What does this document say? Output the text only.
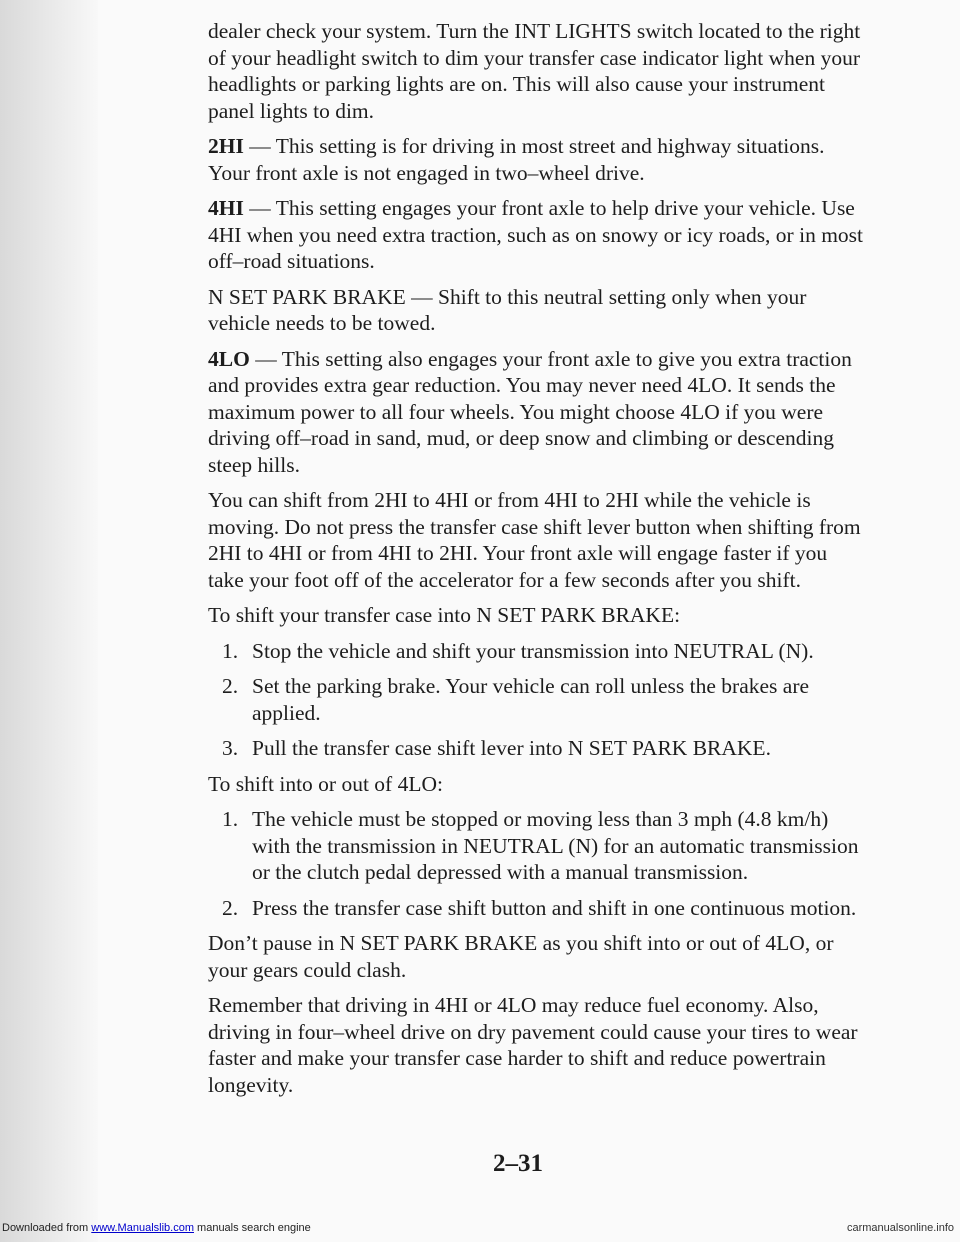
dealer check your system. Turn the INT LIGHTS switch located to the right
of your headlight switch to dim your transfer case indicator light when your
headlights or parking lights are on. This will also cause your instrument
panel lights to dim.

2HI — This setting is for driving in most street and highway situations.
Your front axle is not engaged in two–wheel drive.

4HI — This setting engages your front axle to help drive your vehicle. Use
4HI when you need extra traction, such as on snowy or icy roads, or in most
off–road situations.

N SET PARK BRAKE — Shift to this neutral setting only when your
vehicle needs to be towed.

4LO — This setting also engages your front axle to give you extra traction
and provides extra gear reduction. You may never need 4LO. It sends the
maximum power to all four wheels. You might choose 4LO if you were
driving off–road in sand, mud, or deep snow and climbing or descending
steep hills.

You can shift from 2HI to 4HI or from 4HI to 2HI while the vehicle is
moving. Do not press the transfer case shift lever button when shifting from
2HI to 4HI or from 4HI to 2HI. Your front axle will engage faster if you
take your foot off of the accelerator for a few seconds after you shift.

To shift your transfer case into N SET PARK BRAKE:

1. Stop the vehicle and shift your transmission into NEUTRAL (N).
2. Set the parking brake. Your vehicle can roll unless the brakes are
applied.
3. Pull the transfer case shift lever into N SET PARK BRAKE.

To shift into or out of 4LO:

1. The vehicle must be stopped or moving less than 3 mph (4.8 km/h)
with the transmission in NEUTRAL (N) for an automatic transmission
or the clutch pedal depressed with a manual transmission.
2. Press the transfer case shift button and shift in one continuous motion.

Don’t pause in N SET PARK BRAKE as you shift into or out of 4LO, or
your gears could clash.

Remember that driving in 4HI or 4LO may reduce fuel economy. Also,
driving in four–wheel drive on dry pavement could cause your tires to wear
faster and make your transfer case harder to shift and reduce powertrain
longevity.

2–31
Downloaded from www.Manualslib.com manuals search engine	carmanualsonline.info
